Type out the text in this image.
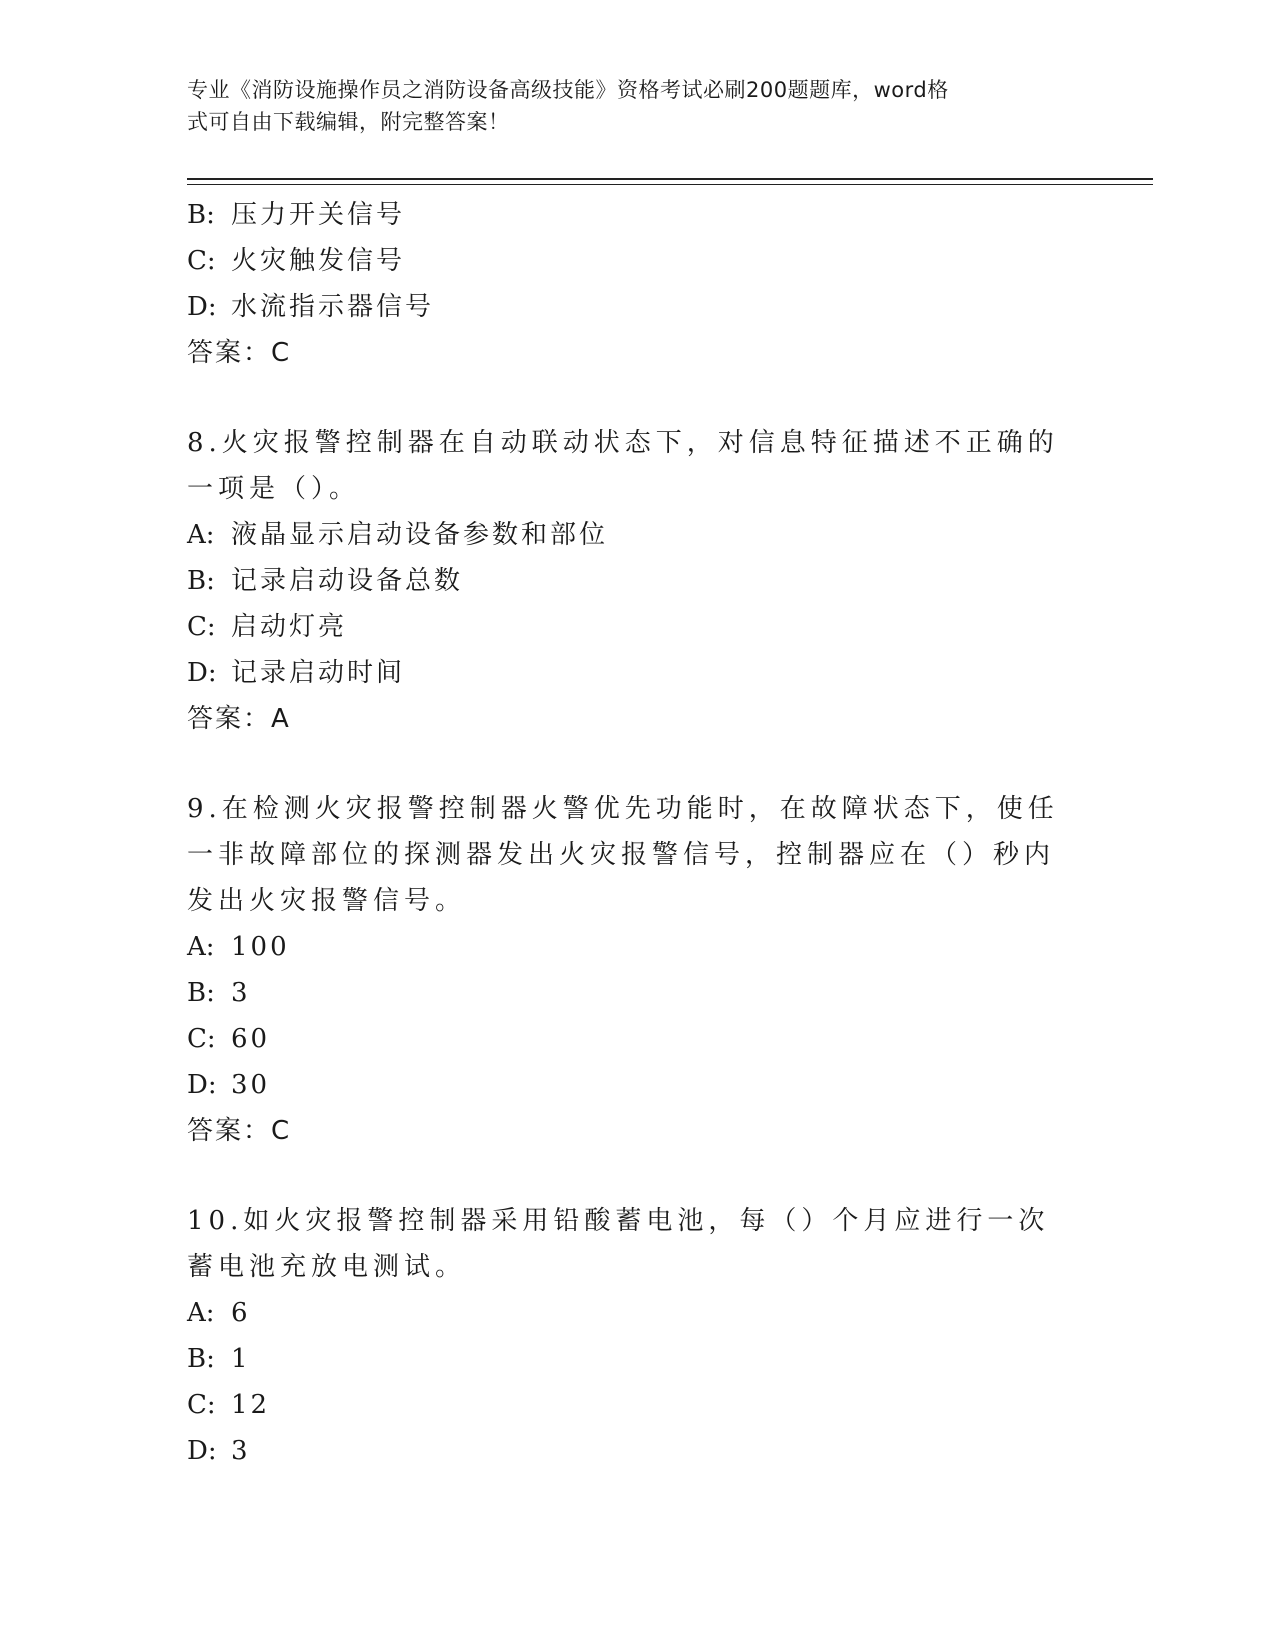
专业《消防设施操作员之消防设备高级技能》资格考试必刷200题题库，word格
式可自由下载编辑，附完整答案！
B: 压力开关信号
C: 火灾触发信号
D: 水流指示器信号
答案：C
8.火灾报警控制器在自动联动状态下，对信息特征描述不正确的一项是（）。
A: 液晶显示启动设备参数和部位
B: 记录启动设备总数
C: 启动灯亮
D: 记录启动时间
答案：A
9.在检测火灾报警控制器火警优先功能时，在故障状态下，使任一非故障部位的探测器发出火灾报警信号，控制器应在（）秒内发出火灾报警信号。
A: 100
B: 3
C: 60
D: 30
答案：C
10.如火灾报警控制器采用铅酸蓄电池，每（）个月应进行一次蓄电池充放电测试。
A: 6
B: 1
C: 12
D: 3
